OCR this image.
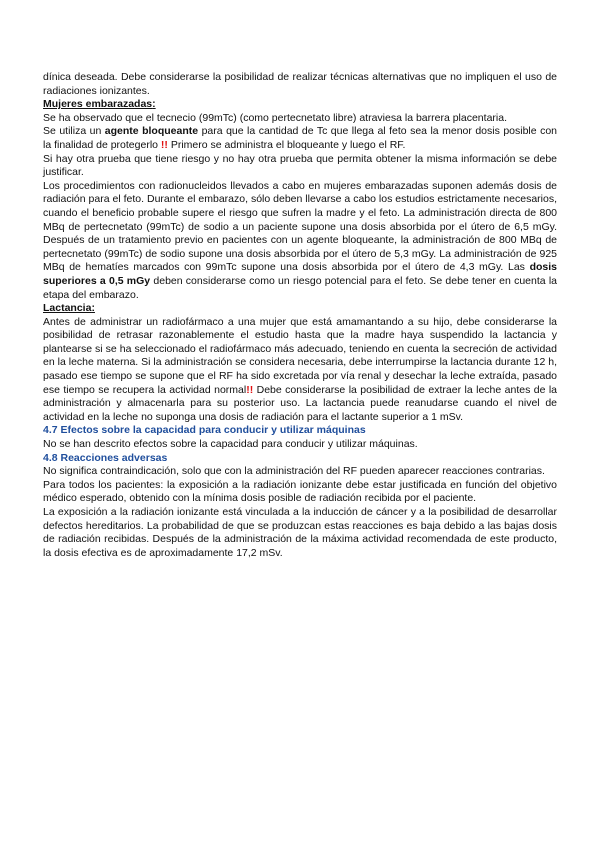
dínica deseada. Debe considerarse la posibilidad de realizar técnicas alternativas que no impliquen el uso de radiaciones ionizantes.

Mujeres embarazadas:

Se ha observado que el tecnecio (99mTc) (como pertecnetato libre) atraviesa la barrera placentaria.

Se utiliza un agente bloqueante para que la cantidad de Tc que llega al feto sea la menor dosis posible con la finalidad de protegerlo !! Primero se administra el bloqueante y luego el RF.

Si hay otra prueba que tiene riesgo y no hay otra prueba que permita obtener la misma información se debe justificar.

Los procedimientos con radionucleidos llevados a cabo en mujeres embarazadas suponen además dosis de radiación para el feto. Durante el embarazo, sólo deben llevarse a cabo los estudios estrictamente necesarios, cuando el beneficio probable supere el riesgo que sufren la madre y el feto. La administración directa de 800 MBq de pertecnetato (99mTc) de sodio a un paciente supone una dosis absorbida por el útero de 6,5 mGy. Después de un tratamiento previo en pacientes con un agente bloqueante, la administración de 800 MBq de pertecnetato (99mTc) de sodio supone una dosis absorbida por el útero de 5,3 mGy. La administración de 925 MBq de hematíes marcados con 99mTc supone una dosis absorbida por el útero de 4,3 mGy. Las dosis superiores a 0,5 mGy deben considerarse como un riesgo potencial para el feto. Se debe tener en cuenta la etapa del embarazo.

Lactancia:

Antes de administrar un radiofármaco a una mujer que está amamantando a su hijo, debe considerarse la posibilidad de retrasar razonablemente el estudio hasta que la madre haya suspendido la lactancia y plantearse si se ha seleccionado el radiofármaco más adecuado, teniendo en cuenta la secreción de actividad en la leche materna. Si la administración se considera necesaria, debe interrumpirse la lactancia durante 12 h, pasado ese tiempo se supone que el RF ha sido excretada por vía renal y desechar la leche extraída, pasado ese tiempo se recupera la actividad normal!! Debe considerarse la posibilidad de extraer la leche antes de la administración y almacenarla para su posterior uso. La lactancia puede reanudarse cuando el nivel de actividad en la leche no suponga una dosis de radiación para el lactante superior a 1 mSv.

4.7 Efectos sobre la capacidad para conducir y utilizar máquinas

No se han descrito efectos sobre la capacidad para conducir y utilizar máquinas.

4.8 Reacciones adversas

No significa contraindicación, solo que con la administración del RF pueden aparecer reacciones contrarias.

Para todos los pacientes: la exposición a la radiación ionizante debe estar justificada en función del objetivo médico esperado, obtenido con la mínima dosis posible de radiación recibida por el paciente.

La exposición a la radiación ionizante está vinculada a la inducción de cáncer y a la posibilidad de desarrollar defectos hereditarios. La probabilidad de que se produzcan estas reacciones es baja debido a las bajas dosis de radiación recibidas. Después de la administración de la máxima actividad recomendada de este producto, la dosis efectiva es de aproximadamente 17,2 mSv.
